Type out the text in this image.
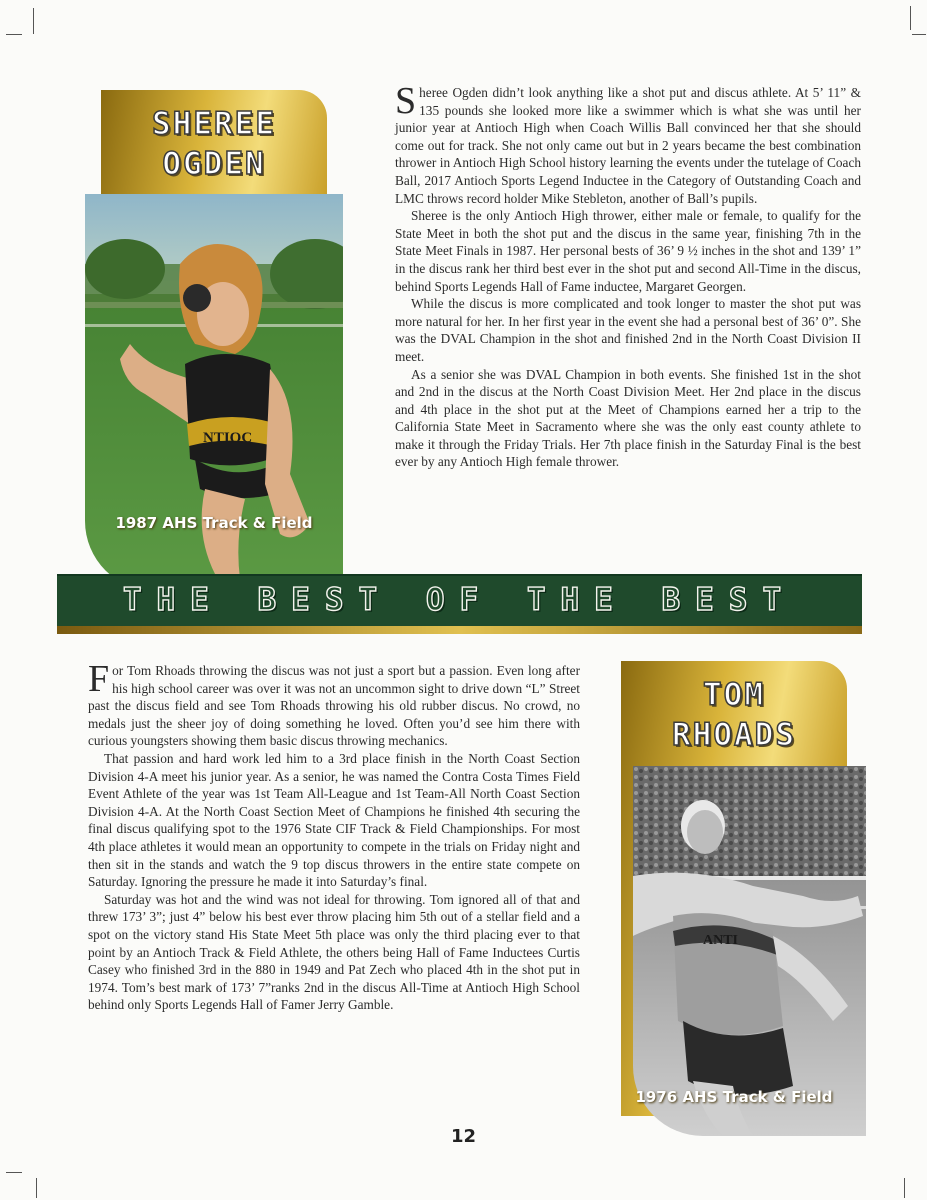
SHEREE
OGDEN
NTIOC
1987 AHS Track & Field

Sheree Ogden didn’t look anything like a shot put and discus athlete. At 5’ 11” & 135 pounds she looked more like a swimmer which is what she was until her junior year at Antioch High when Coach Willis Ball convinced her that she should come out for track. She not only came out but in 2 years became the best combination thrower in Antioch High School history learning the events under the tutelage of Coach Ball, 2017 Antioch Sports Legend Inductee in the Category of Outstanding Coach and LMC throws record holder Mike Stebleton, another of Ball’s pupils.

Sheree is the only Antioch High thrower, either male or female, to qualify for the State Meet in both the shot put and the discus in the same year, finishing 7th in the State Meet Finals in 1987. Her personal bests of 36’ 9 ½ inches in the shot and 139’ 1” in the discus rank her third best ever in the shot put and second All-Time in the discus, behind Sports Legends Hall of Fame inductee, Margaret Georgen.

While the discus is more complicated and took longer to master the shot put was more natural for her. In her first year in the event she had a personal best of 36’ 0”. She was the DVAL Champion in the shot and finished 2nd in the North Coast Division II meet.

As a senior she was DVAL Champion in both events. She finished 1st in the shot and 2nd in the discus at the North Coast Division Meet. Her 2nd place in the discus and 4th place in the shot put at the Meet of Champions earned her a trip to the California State Meet in Sacramento where she was the only east county athlete to make it through the Friday Trials. Her 7th place finish in the Saturday Final is the best ever by any Antioch High female thrower.

THE BEST OF THE BEST

For Tom Rhoads throwing the discus was not just a sport but a passion. Even long after his high school career was over it was not an uncommon sight to drive down “L” Street past the discus field and see Tom Rhoads throwing his old rubber discus. No crowd, no medals just the sheer joy of doing something he loved. Often you’d see him there with curious youngsters showing them basic discus throwing mechanics.

That passion and hard work led him to a 3rd place finish in the North Coast Section Division 4-A meet his junior year. As a senior, he was named the Contra Costa Times Field Event Athlete of the year was 1st Team All-League and 1st Team-All North Coast Section Division 4-A. At the North Coast Section Meet of Champions he finished 4th securing the final discus qualifying spot to the 1976 State CIF Track & Field Championships. For most 4th place athletes it would mean an opportunity to compete in the trials on Friday night and then sit in the stands and watch the 9 top discus throwers in the entire state compete on Saturday. Ignoring the pressure he made it into Saturday’s final.

Saturday was hot and the wind was not ideal for throwing. Tom ignored all of that and threw 173’ 3”; just 4” below his best ever throw placing him 5th out of a stellar field and a spot on the victory stand His State Meet 5th place was only the third placing ever to that point by an Antioch Track & Field Athlete, the others being Hall of Fame Inductees Curtis Casey who finished 3rd in the 880 in 1949 and Pat Zech who placed 4th in the shot put in 1974. Tom’s best mark of 173’ 7”ranks 2nd in the discus All-Time at Antioch High School behind only Sports Legends Hall of Famer Jerry Gamble.

TOM
RHOADS
ANTI
1976 AHS Track & Field
12
